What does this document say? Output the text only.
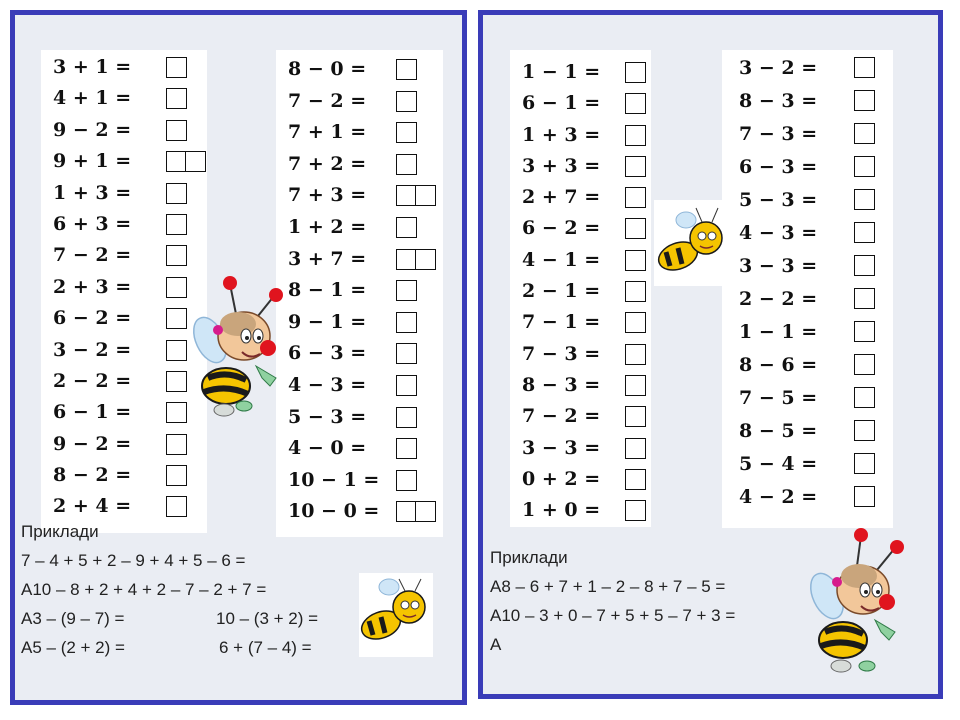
3 + 1 =
4 + 1 =
9 − 2 =
9 + 1 =
1 + 3 =
6 + 3 =
7 − 2 =
2 + 3 =
6 − 2 =
3 − 2 =
2 − 2 =
6 − 1 =
9 − 2 =
8 − 2 =
2 + 4 =
8 − 0 =
7 − 2 =
7 + 1 =
7 + 2 =
7 + 3 =
1 + 2 =
3 + 7 =
8 − 1 =
9 − 1 =
6 − 3 =
4 − 3 =
5 − 3 =
4 − 0 =
10 − 1 =
10 − 0 =
Приклади
7 – 4 + 5 + 2 – 9 + 4 + 5 – 6 =
А10 – 8 + 2 + 4 + 2 – 7 – 2 + 7 =
А3 – (9 – 7) =	10 – (3 + 2) =
А5 – (2 + 2) =	6 + (7 – 4) =
1 − 1 =
6 − 1 =
1 + 3 =
3 + 3 =
2 + 7 =
6 − 2 =
4 − 1 =
2 − 1 =
7 − 1 =
7 − 3 =
8 − 3 =
7 − 2 =
3 − 3 =
0 + 2 =
1 + 0 =
3 − 2 =
8 − 3 =
7 − 3 =
6 − 3 =
5 − 3 =
4 − 3 =
3 − 3 =
2 − 2 =
1 − 1 =
8 − 6 =
7 − 5 =
8 − 5 =
5 − 4 =
4 − 2 =
Приклади
А8 – 6 + 7 + 1 – 2 – 8 + 7 – 5 =
А10 – 3 + 0 – 7 + 5 + 5 – 7 + 3 =
А
